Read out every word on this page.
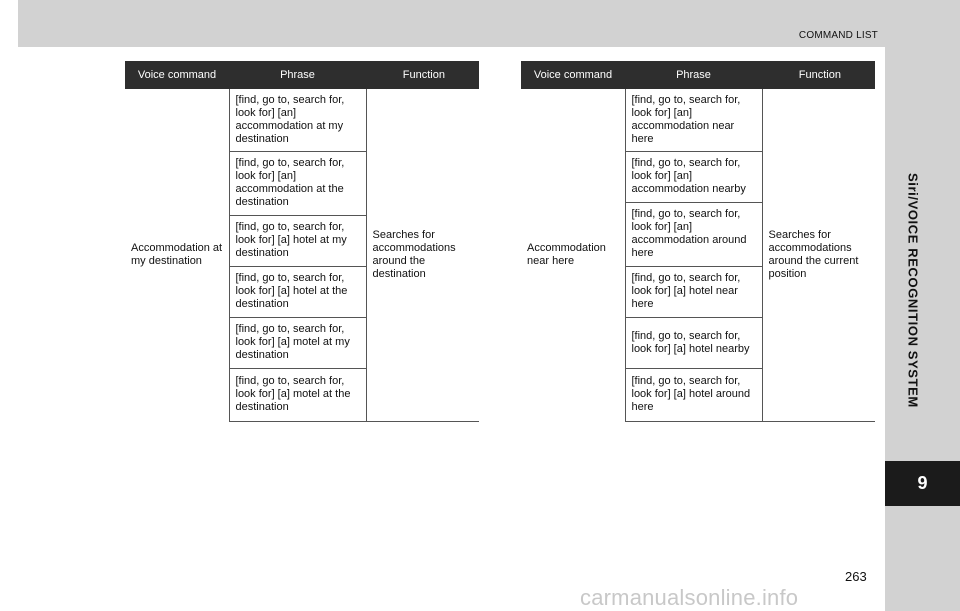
COMMAND LIST
Siri/VOICE RECOGNITION SYSTEM
9
Voice command	Phrase	Function
Accommodation at my destination	[find, go to, search for, look for] [an] accommodation at my destination	Searches for accommodations around the destination
	[find, go to, search for, look for] [an] accommodation at the destination	
	[find, go to, search for, look for] [a] hotel at my destination	
	[find, go to, search for, look for] [a] hotel at the destination	
	[find, go to, search for, look for] [a] motel at my destination	
	[find, go to, search for, look for] [a] motel at the destination	
Voice command	Phrase	Function
Accommodation near here	[find, go to, search for, look for] [an] accommodation near here	Searches for accommodations around the current position
	[find, go to, search for, look for] [an] accommodation nearby	
	[find, go to, search for, look for] [an] accommodation around here	
	[find, go to, search for, look for] [a] hotel near here	
	[find, go to, search for, look for] [a] hotel nearby	
	[find, go to, search for, look for] [a] hotel around here	
263
carmanualsonline.info
